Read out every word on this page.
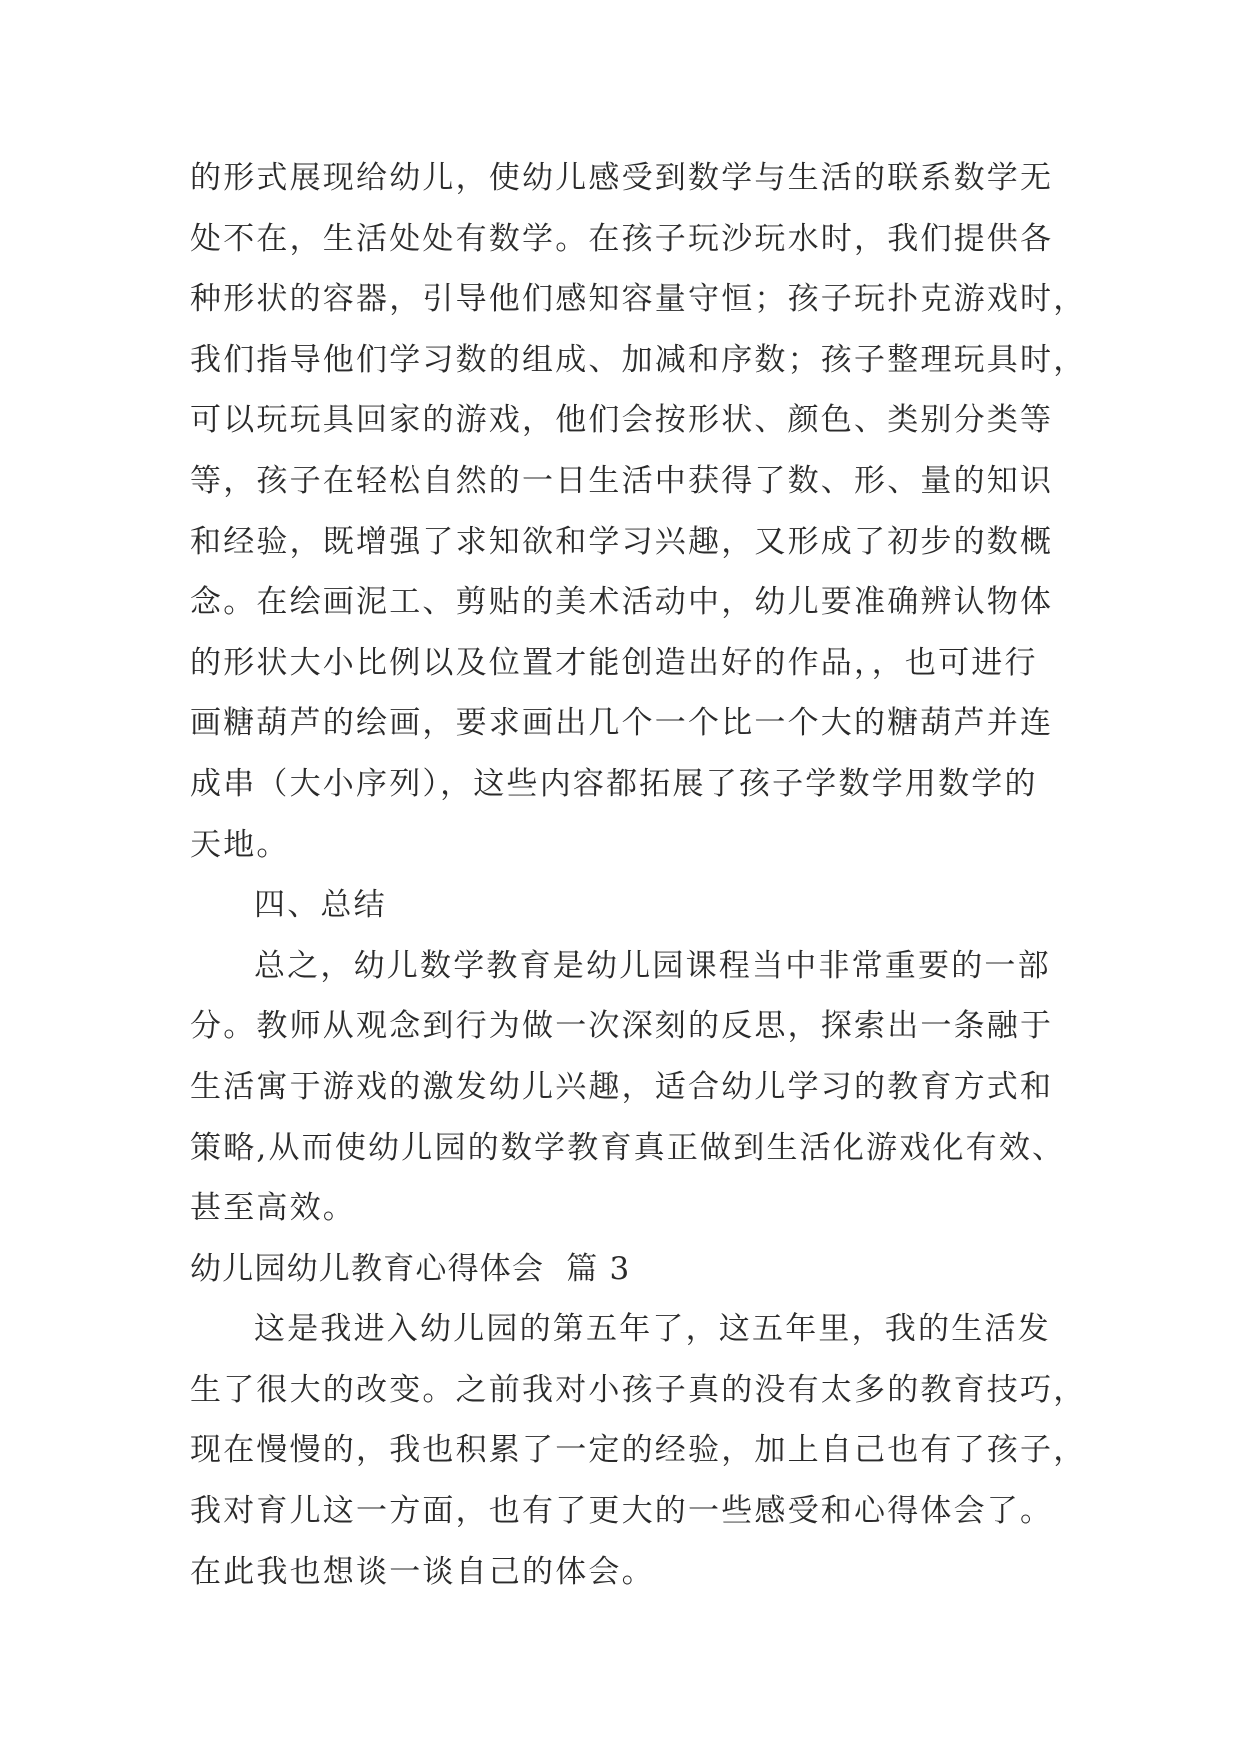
的形式展现给幼儿，使幼儿感受到数学与生活的联系数学无
处不在，生活处处有数学。在孩子玩沙玩水时，我们提供各
种形状的容器，引导他们感知容量守恒；孩子玩扑克游戏时，
我们指导他们学习数的组成、加减和序数；孩子整理玩具时，
可以玩玩具回家的游戏，他们会按形状、颜色、类别分类等
等，孩子在轻松自然的一日生活中获得了数、形、量的知识
和经验，既增强了求知欲和学习兴趣，又形成了初步的数概
念。在绘画泥工、剪贴的美术活动中，幼儿要准确辨认物体
的形状大小比例以及位置才能创造出好的作品，，也可进行
画糖葫芦的绘画，要求画出几个一个比一个大的糖葫芦并连
成串（大小序列），这些内容都拓展了孩子学数学用数学的
天地。
四、总结
总之，幼儿数学教育是幼儿园课程当中非常重要的一部
分。教师从观念到行为做一次深刻的反思，探索出一条融于
生活寓于游戏的激发幼儿兴趣，适合幼儿学习的教育方式和
策略,从而使幼儿园的数学教育真正做到生活化游戏化有效、
甚至高效。
幼儿园幼儿教育心得体会  篇 3
这是我进入幼儿园的第五年了，这五年里，我的生活发
生了很大的改变。之前我对小孩子真的没有太多的教育技巧，
现在慢慢的，我也积累了一定的经验，加上自己也有了孩子，
我对育儿这一方面，也有了更大的一些感受和心得体会了。
在此我也想谈一谈自己的体会。
